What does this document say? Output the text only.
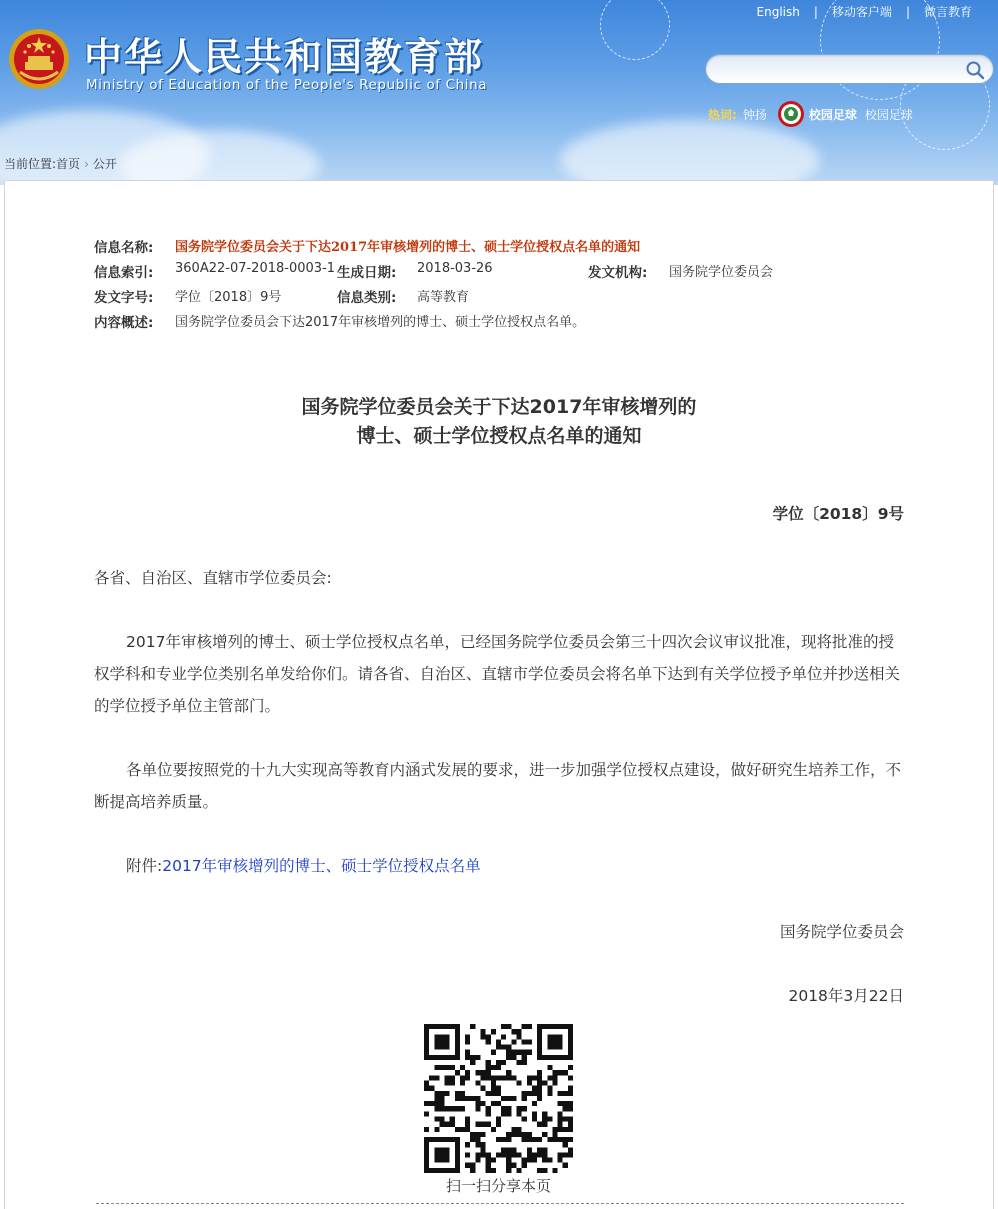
中华人民共和国教育部
Ministry of Education of the People's Republic of China
English | 移动客户端 | 微言教育
热词: 钟扬	校园足球 校园足球
当前位置:首页 › 公开
信息名称: 国务院学位委员会关于下达2017年审核增列的博士、硕士学位授权点名单的通知
信息索引: 360A22-07-2018-0003-1 生成日期: 2018-03-26	发文机构: 国务院学位委员会
发文字号: 学位〔2018〕9号	信息类别: 高等教育
内容概述: 国务院学位委员会下达2017年审核增列的博士、硕士学位授权点名单。
国务院学位委员会关于下达2017年审核增列的
博士、硕士学位授权点名单的通知
学位〔2018〕9号
各省、自治区、直辖市学位委员会:
2017年审核增列的博士、硕士学位授权点名单，已经国务院学位委员会第三十四次会议审议批准，现将批准的授权学科和专业学位类别名单发给你们。请各省、自治区、直辖市学位委员会将名单下达到有关学位授予单位并抄送相关的学位授予单位主管部门。
各单位要按照党的十九大实现高等教育内涵式发展的要求，进一步加强学位授权点建设，做好研究生培养工作，不断提高培养质量。
附件:2017年审核增列的博士、硕士学位授权点名单
国务院学位委员会
2018年3月22日
扫一扫分享本页
